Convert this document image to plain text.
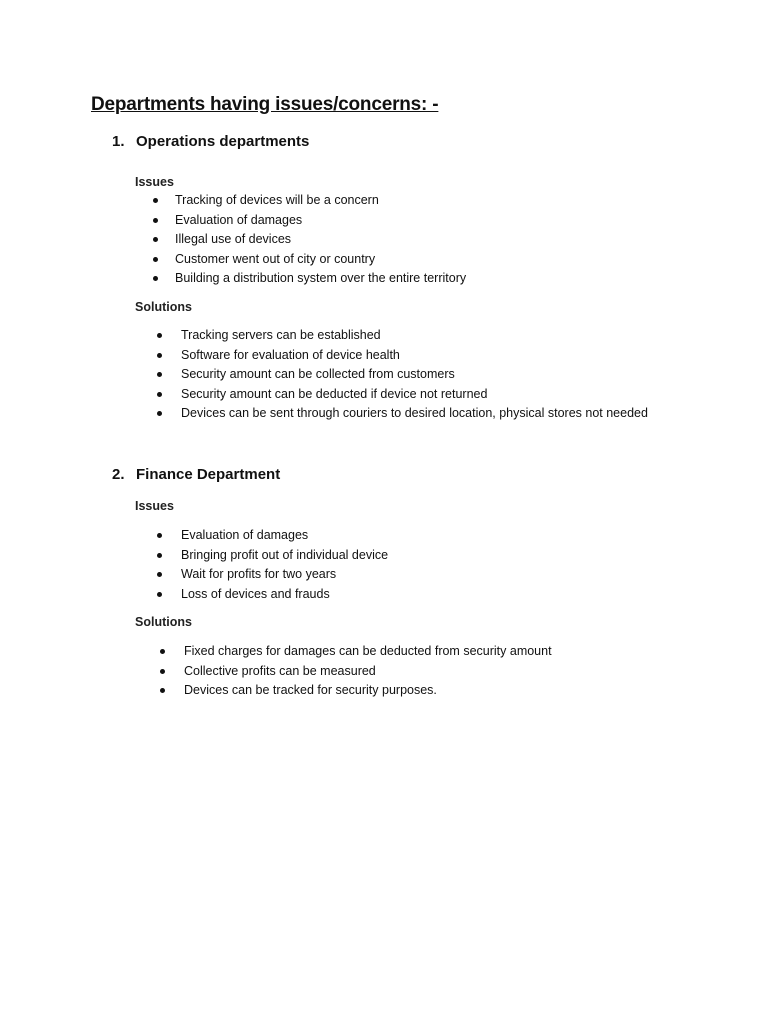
Departments having issues/concerns: -
1. Operations departments
Issues
Tracking of devices will be a concern
Evaluation of damages
Illegal use of devices
Customer went out of city or country
Building a distribution system over the entire territory
Solutions
Tracking servers can be established
Software for evaluation of device health
Security amount can be collected from customers
Security amount can be deducted if device not returned
Devices can be sent through couriers to desired location, physical stores not needed
2. Finance Department
Issues
Evaluation of damages
Bringing profit out of individual device
Wait for profits for two years
Loss of devices and frauds
Solutions
Fixed charges for damages can be deducted from security amount
Collective profits can be measured
Devices can be tracked for security purposes.
